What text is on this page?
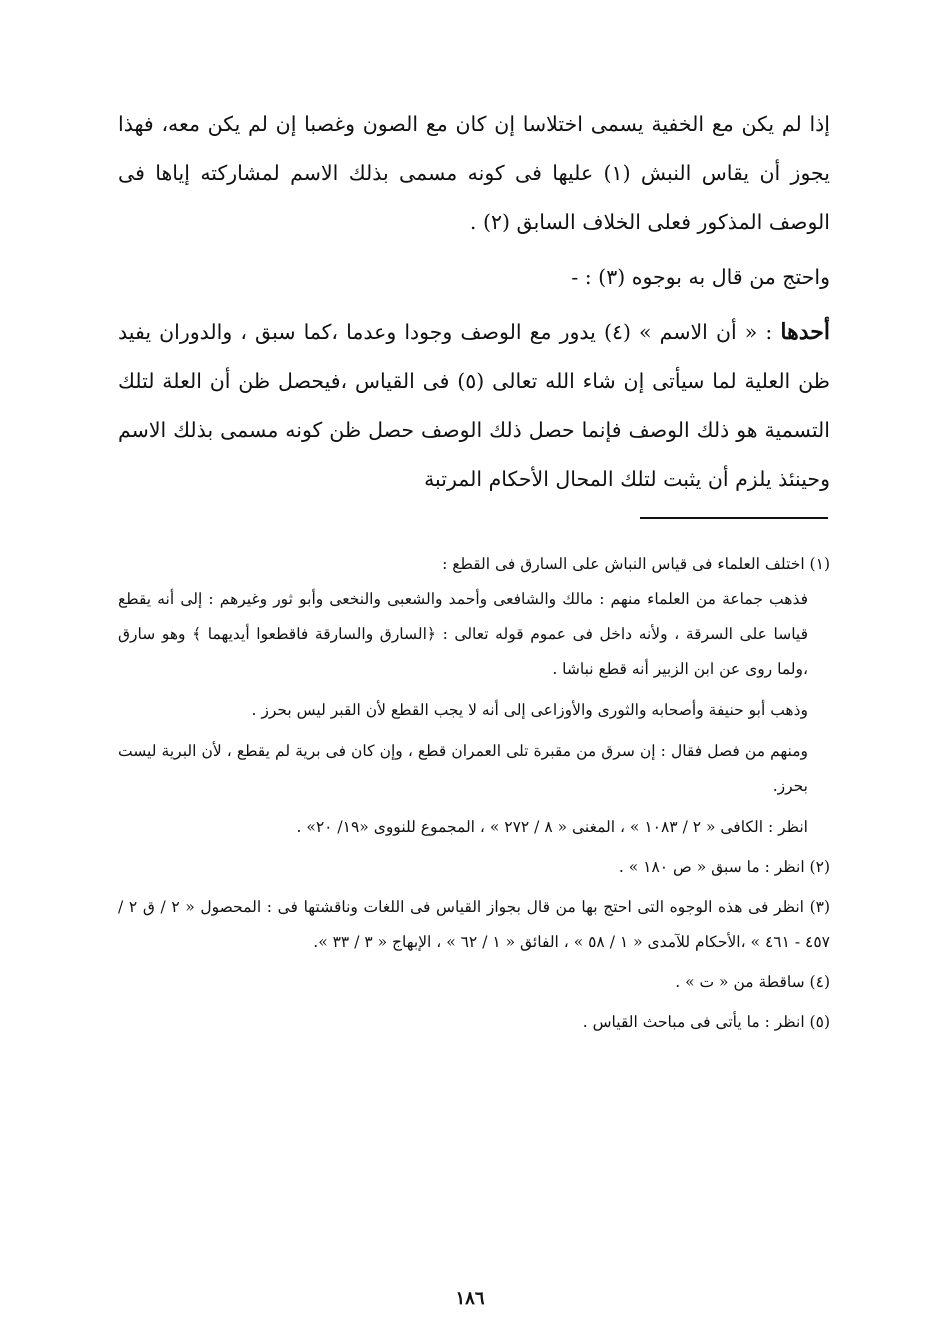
إذا لم يكن مع الخفية يسمى اختلاسا إن كان مع الصون وغصبا إن لم يكن معه، فهذا يجوز أن يقاس النبش (١) عليها فى كونه مسمى بذلك الاسم لمشاركته إياها فى الوصف المذكور فعلى الخلاف السابق (٢) .

واحتج من قال به بوجوه (٣) : -

أحدها : « أن الاسم » (٤) يدور مع الوصف وجودا وعدما ،كما سبق ، والدوران يفيد ظن العلية لما سيأتى إن شاء الله تعالى (٥) فى القياس ،فيحصل ظن أن العلة لتلك التسمية هو ذلك الوصف فإنما حصل ذلك الوصف حصل ظن كونه مسمى بذلك الاسم وحينئذ يلزم أن يثبت لتلك المحال الأحكام المرتبة

(١) اختلف العلماء فى قياس النباش على السارق فى القطع :

فذهب جماعة من العلماء منهم : مالك والشافعى وأحمد والشعبى والنخعى وأبو ثور وغيرهم : إلى أنه يقطع قياسا على السرقة ، ولأنه داخل فى عموم قوله تعالى : ﴿السارق والسارقة فاقطعوا أيديهما ﴾ وهو سارق ،ولما روى عن ابن الزبير أنه قطع نباشا .

وذهب أبو حنيفة وأصحابه والثورى والأوزاعى إلى أنه لا يجب القطع لأن القبر ليس بحرز .

ومنهم من فصل فقال : إن سرق من مقبرة تلى العمران قطع ، وإن كان فى برية لم يقطع ، لأن البرية ليست بحرز.

انظر : الكافى « ٢ / ١٠٨٣ » ، المغنى « ٨ / ٢٧٢ » ، المجموع للنووى «١٩/ ٢٠» .

(٢) انظر : ما سبق « ص ١٨٠ » .

(٣) انظر فى هذه الوجوه التى احتج بها من قال بجواز القياس فى اللغات وناقشتها فى : المحصول « ٢ / ق ٢ / ٤٥٧ - ٤٦١ » ،الأحكام للآمدى « ١ / ٥٨ » ، الفائق « ١ / ٦٢ » ، الإبهاج « ٣ / ٣٣ ».

(٤) ساقطة من « ت » .

(٥) انظر : ما يأتى فى مباحث القياس .

١٨٦
